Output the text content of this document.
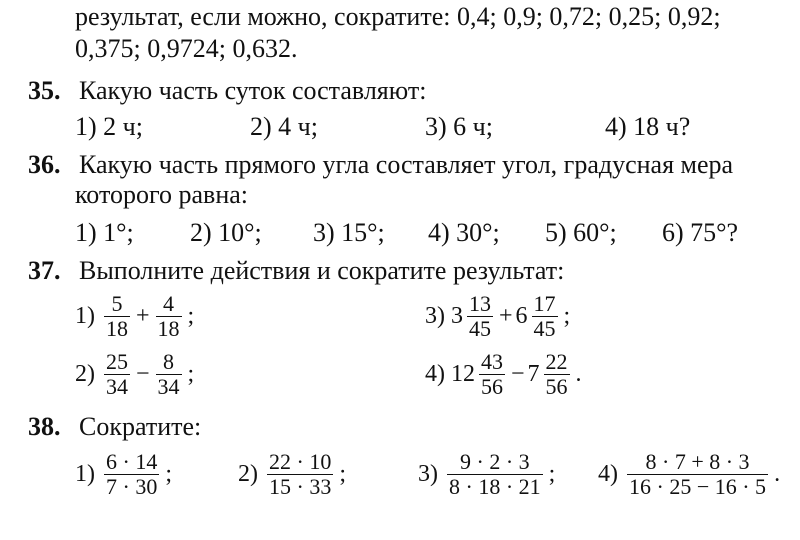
результат, если можно, сократите: 0,4; 0,9; 0,72; 0,25; 0,92;
0,375; 0,9724; 0,632.
35. Какую часть суток составляют:
1) 2 ч;	2) 4 ч;	3) 6 ч;	4) 18 ч?
36. Какую часть прямого угла составляет угол, градусная мера
которого равна:
1) 1°; 2) 10°; 3) 15°; 4) 30°; 5) 60°; 6) 75°?
37. Выполните действия и сократите результат:
$1) \frac{5}{18} + \frac{4}{18}$ ;	3) $3 \frac{13}{45} + 6 \frac{17}{45}$ ;
$2) \frac{25}{34} - \frac{8}{34}$ ;	4) $12 \frac{43}{56} - 7 \frac{22}{56}$ .
38. Сократите:
$1) \frac{6 \cdot 14}{7 \cdot 30}$ ;	$2) \frac{22 \cdot 10}{15 \cdot 33}$ ;	$3) \frac{9 \cdot 2 \cdot 3}{8 \cdot 18 \cdot 21}$ ; $4) \frac{8 \cdot 7 + 8 \cdot 3}{16 \cdot 25 - 16 \cdot 5}$ .
